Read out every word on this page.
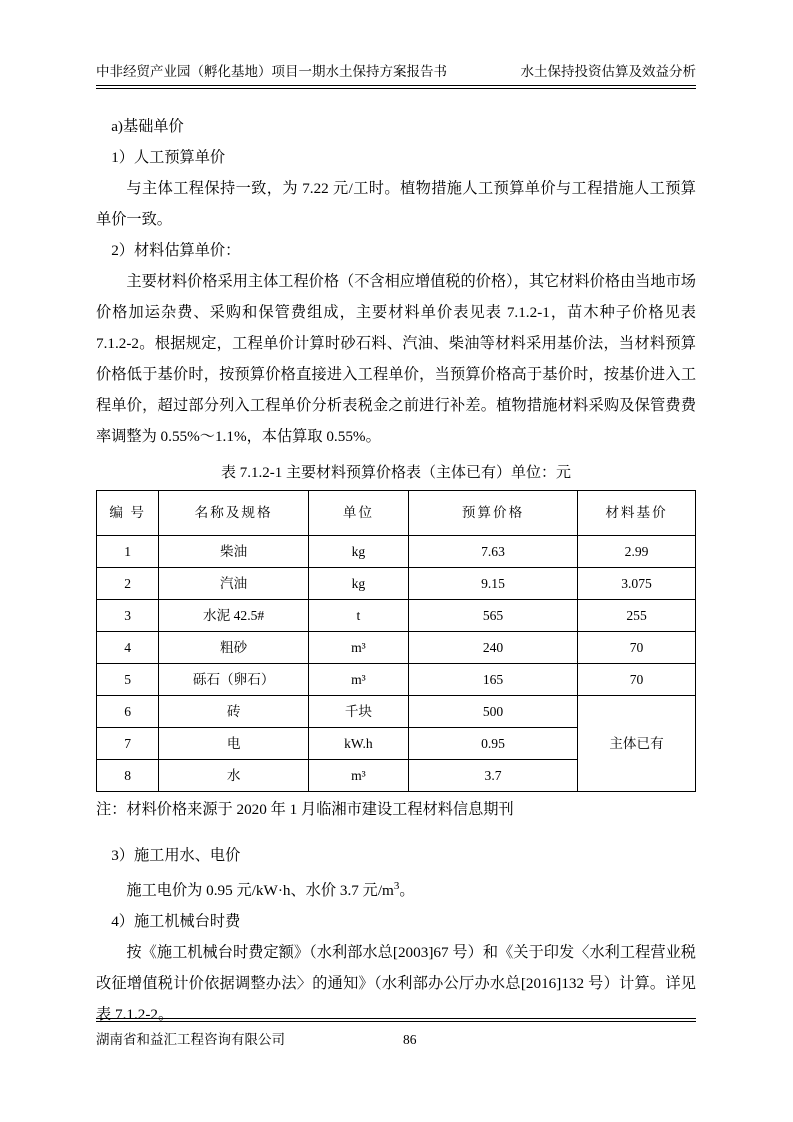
中非经贸产业园（孵化基地）项目一期水土保持方案报告书	水土保持投资估算及效益分析

a)基础单价

1）人工预算单价

与主体工程保持一致，为 7.22 元/工时。植物措施人工预算单价与工程措施人工预算单价一致。

2）材料估算单价：

主要材料价格采用主体工程价格（不含相应增值税的价格），其它材料价格由当地市场价格加运杂费、采购和保管费组成，主要材料单价表见表 7.1.2-1，苗木种子价格见表 7.1.2-2。根据规定，工程单价计算时砂石料、汽油、柴油等材料采用基价法，当材料预算价格低于基价时，按预算价格直接进入工程单价，当预算价格高于基价时，按基价进入工程单价，超过部分列入工程单价分析表税金之前进行补差。植物措施材料采购及保管费费率调整为 0.55%～1.1%，本估算取 0.55%。

表 7.1.2-1 主要材料预算价格表（主体已有）单位：元
编 号	名称及规格	单位	预算价格	材料基价
1	柴油	kg	7.63	2.99
2	汽油	kg	9.15	3.075
3	水泥 42.5#	t	565	255
4	粗砂	m³	240	70
5	砾石（卵石）	m³	165	70
6	砖	千块	500	主体已有
7	电	kW.h	0.95	
8	水	m³	3.7	

注：材料价格来源于 2020 年 1 月临湘市建设工程材料信息期刊

3）施工用水、电价

施工电价为 0.95 元/kW·h、水价 3.7 元$/m^3$。

4）施工机械台时费

按《施工机械台时费定额》（水利部水总[2003]67 号）和《关于印发〈水利工程营业税改征增值税计价依据调整办法〉的通知》（水利部办公厅办水总[2016]132 号）计算。详见表 7.1.2-2。

湖南省和益汇工程咨询有限公司	86
